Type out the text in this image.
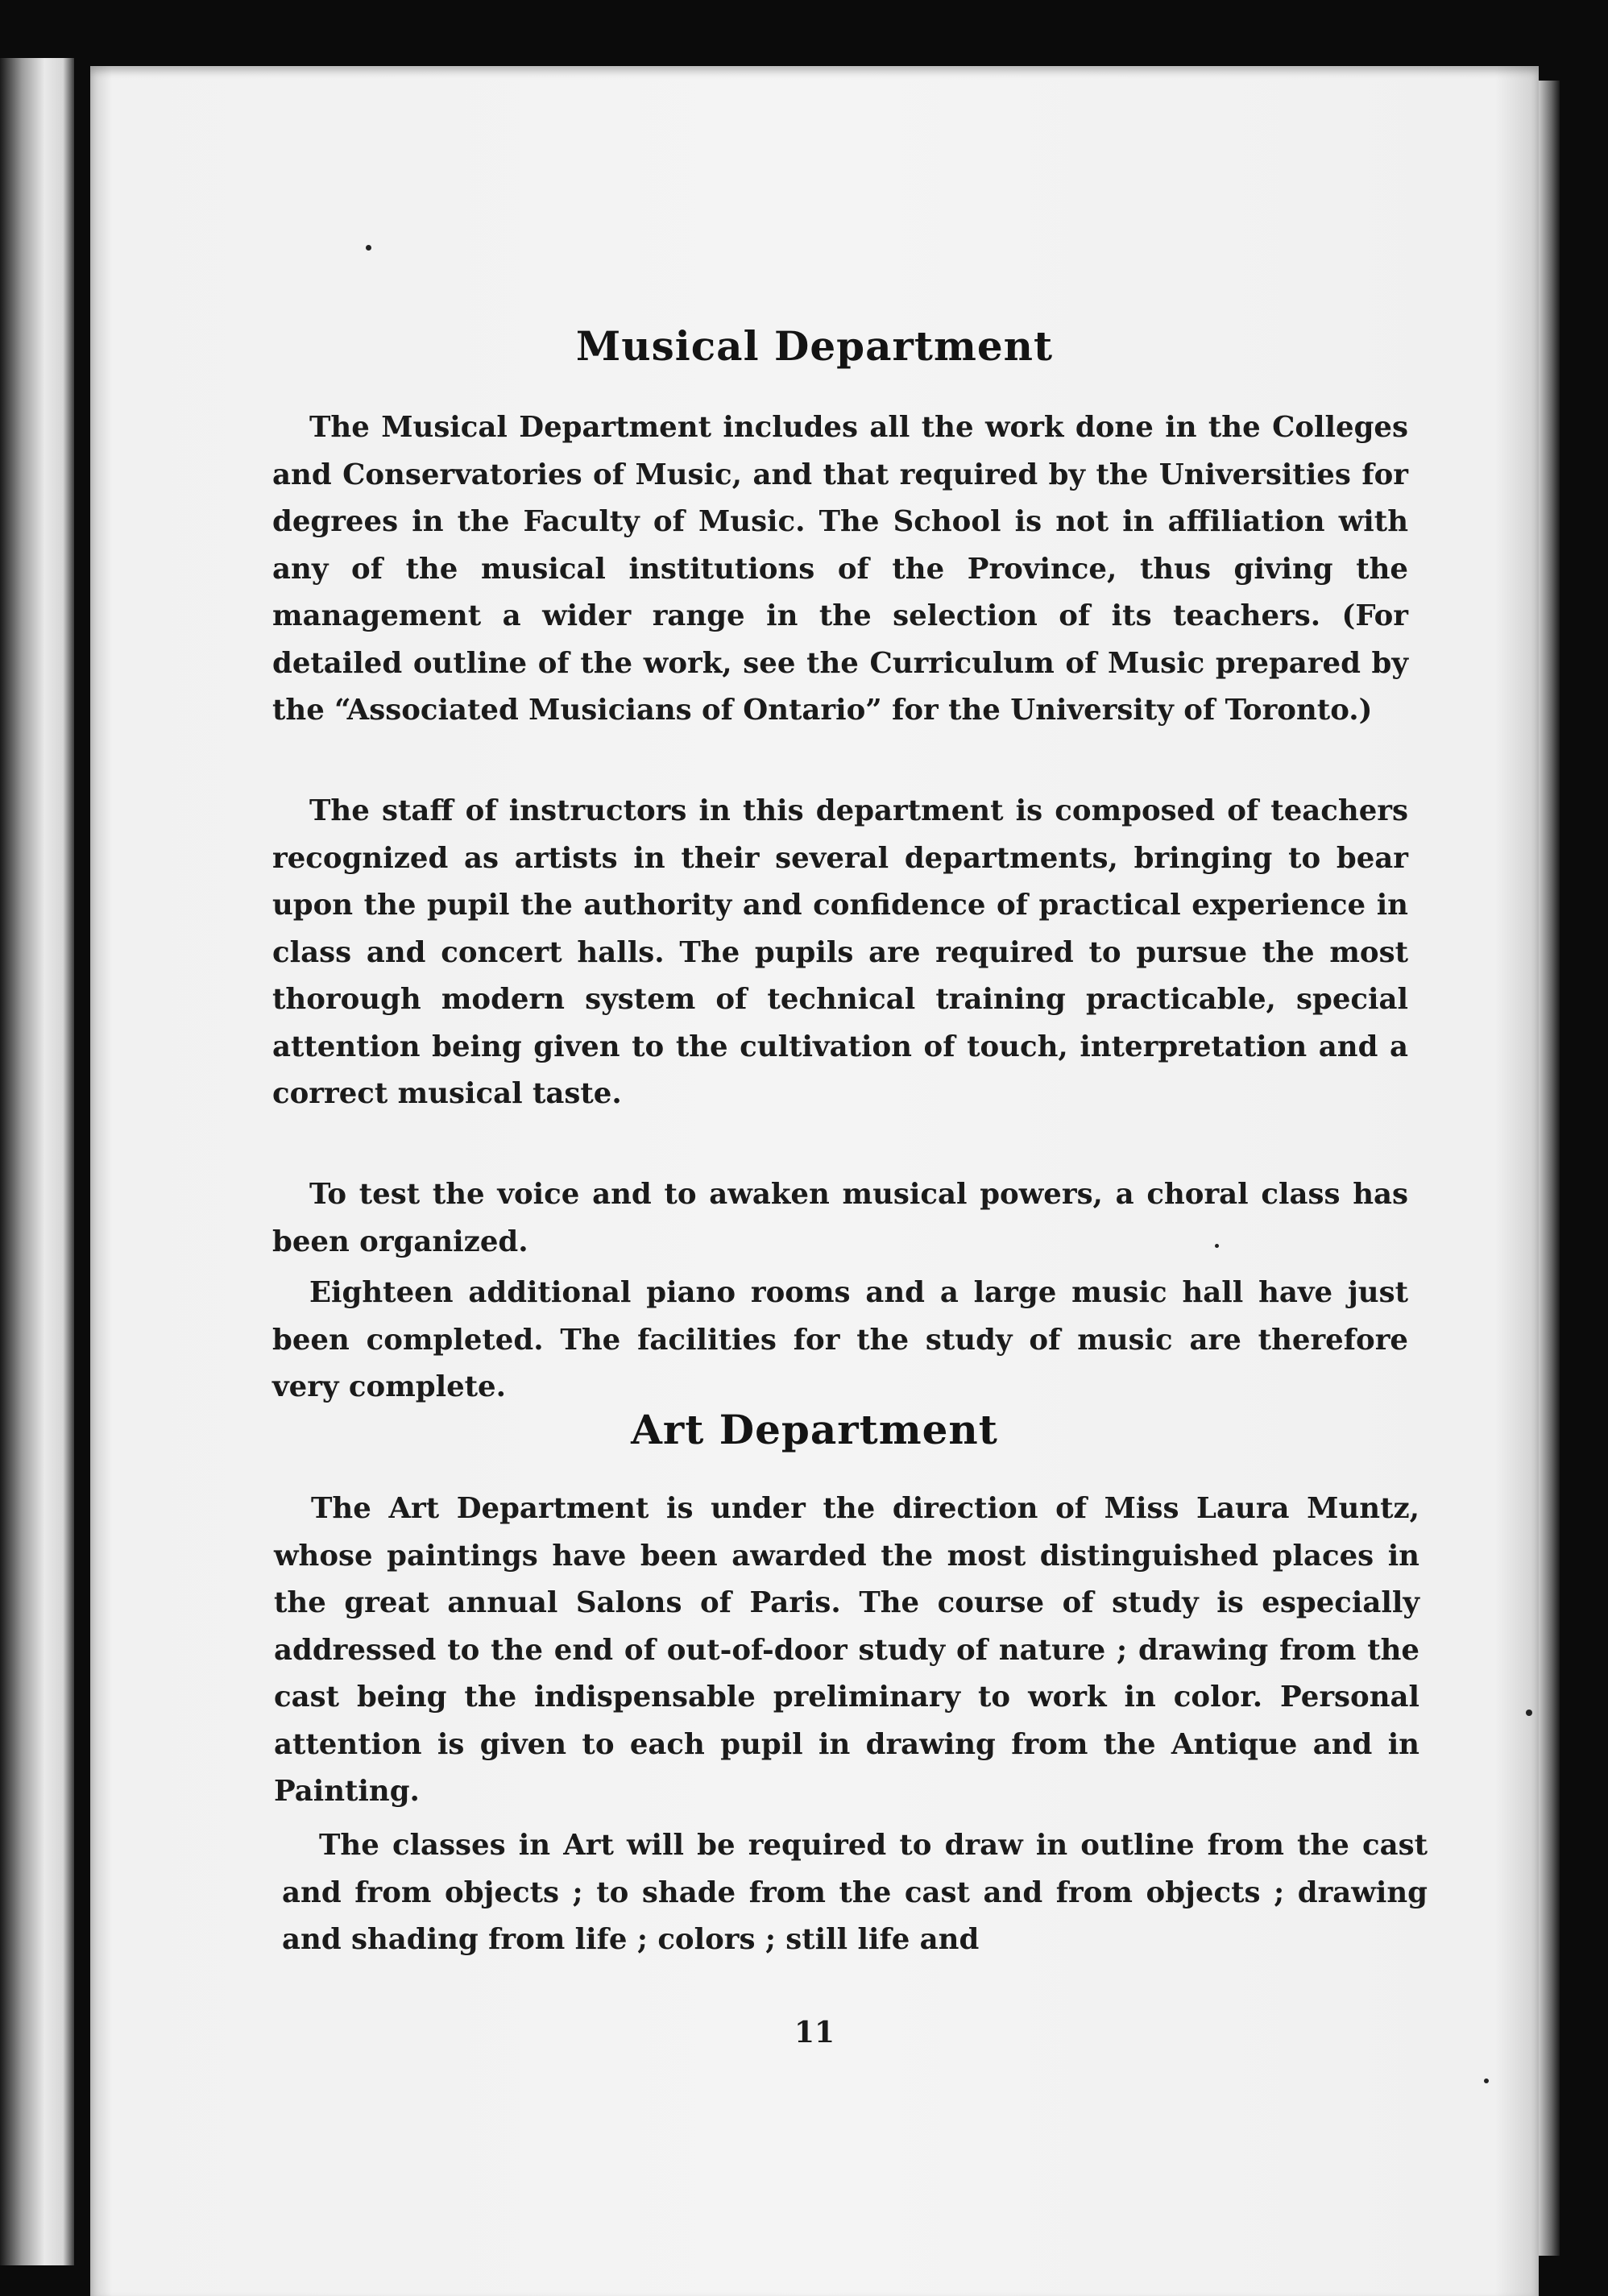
Musical Department

The Musical Department includes all the work done in the Colleges and Conservatories of Music, and that required by the Universities for degrees in the Faculty of Music. The School is not in affiliation with any of the musical institutions of the Province, thus giving the management a wider range in the selection of its teachers. (For detailed outline of the work, see the Curriculum of Music prepared by the “Associated Musicians of Ontario” for the University of Toronto.)

The staff of instructors in this department is composed of teachers recognized as artists in their several departments, bringing to bear upon the pupil the authority and confidence of practical experience in class and concert halls. The pupils are required to pursue the most thorough modern system of technical training practicable, special attention being given to the cultivation of touch, interpretation and a correct musical taste.

To test the voice and to awaken musical powers, a choral class has been organized.

Eighteen additional piano rooms and a large music hall have just been completed. The facilities for the study of music are therefore very complete.

Art Department

The Art Department is under the direction of Miss Laura Muntz, whose paintings have been awarded the most distinguished places in the great annual Salons of Paris. The course of study is especially addressed to the end of out-of-door study of nature ; drawing from the cast being the indispensable preliminary to work in color. Personal attention is given to each pupil in drawing from the Antique and in Painting.

The classes in Art will be required to draw in outline from the cast and from objects ; to shade from the cast and from objects ; drawing and shading from life ; colors ; still life and

11
